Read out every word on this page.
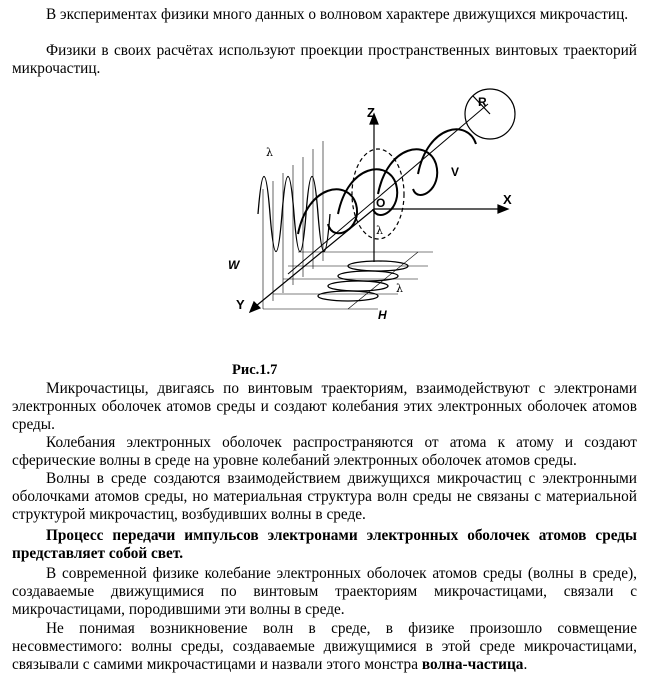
В экспериментах физики много данных о волновом характере движущихся микрочастиц.

Физики в своих расчётах используют проекции пространственных винтовых траекторий микрочастиц.

Z
X
Y
O
R
V
W
H
λ
λ
λ

Рис.1.7

Микрочастицы, двигаясь по винтовым траекториям, взаимодействуют с электронами электронных оболочек атомов среды и создают колебания этих электронных оболочек атомов среды.

Колебания электронных оболочек распространяются от атома к атому и создают сферические волны в среде на уровне колебаний электронных оболочек атомов среды.

Волны в среде создаются взаимодействием движущихся микрочастиц с электронными оболочками атомов среды, но материальная структура волн среды не связаны с материальной структурой микрочастиц, возбудивших волны в среде.

Процесс передачи импульсов электронами электронных оболочек атомов среды представляет собой свет.

В современной физике колебание электронных оболочек атомов среды (волны в среде), создаваемые движущимися по винтовым траекториям микрочастицами, связали с микрочастицами, породившими эти волны в среде.

Не понимая возникновение волн в среде, в физике произошло совмещение несовместимого: волны среды, создаваемые движущимися в этой среде микрочастицами, связывали с самими микрочастицами и назвали этого монстра волна-частица.
